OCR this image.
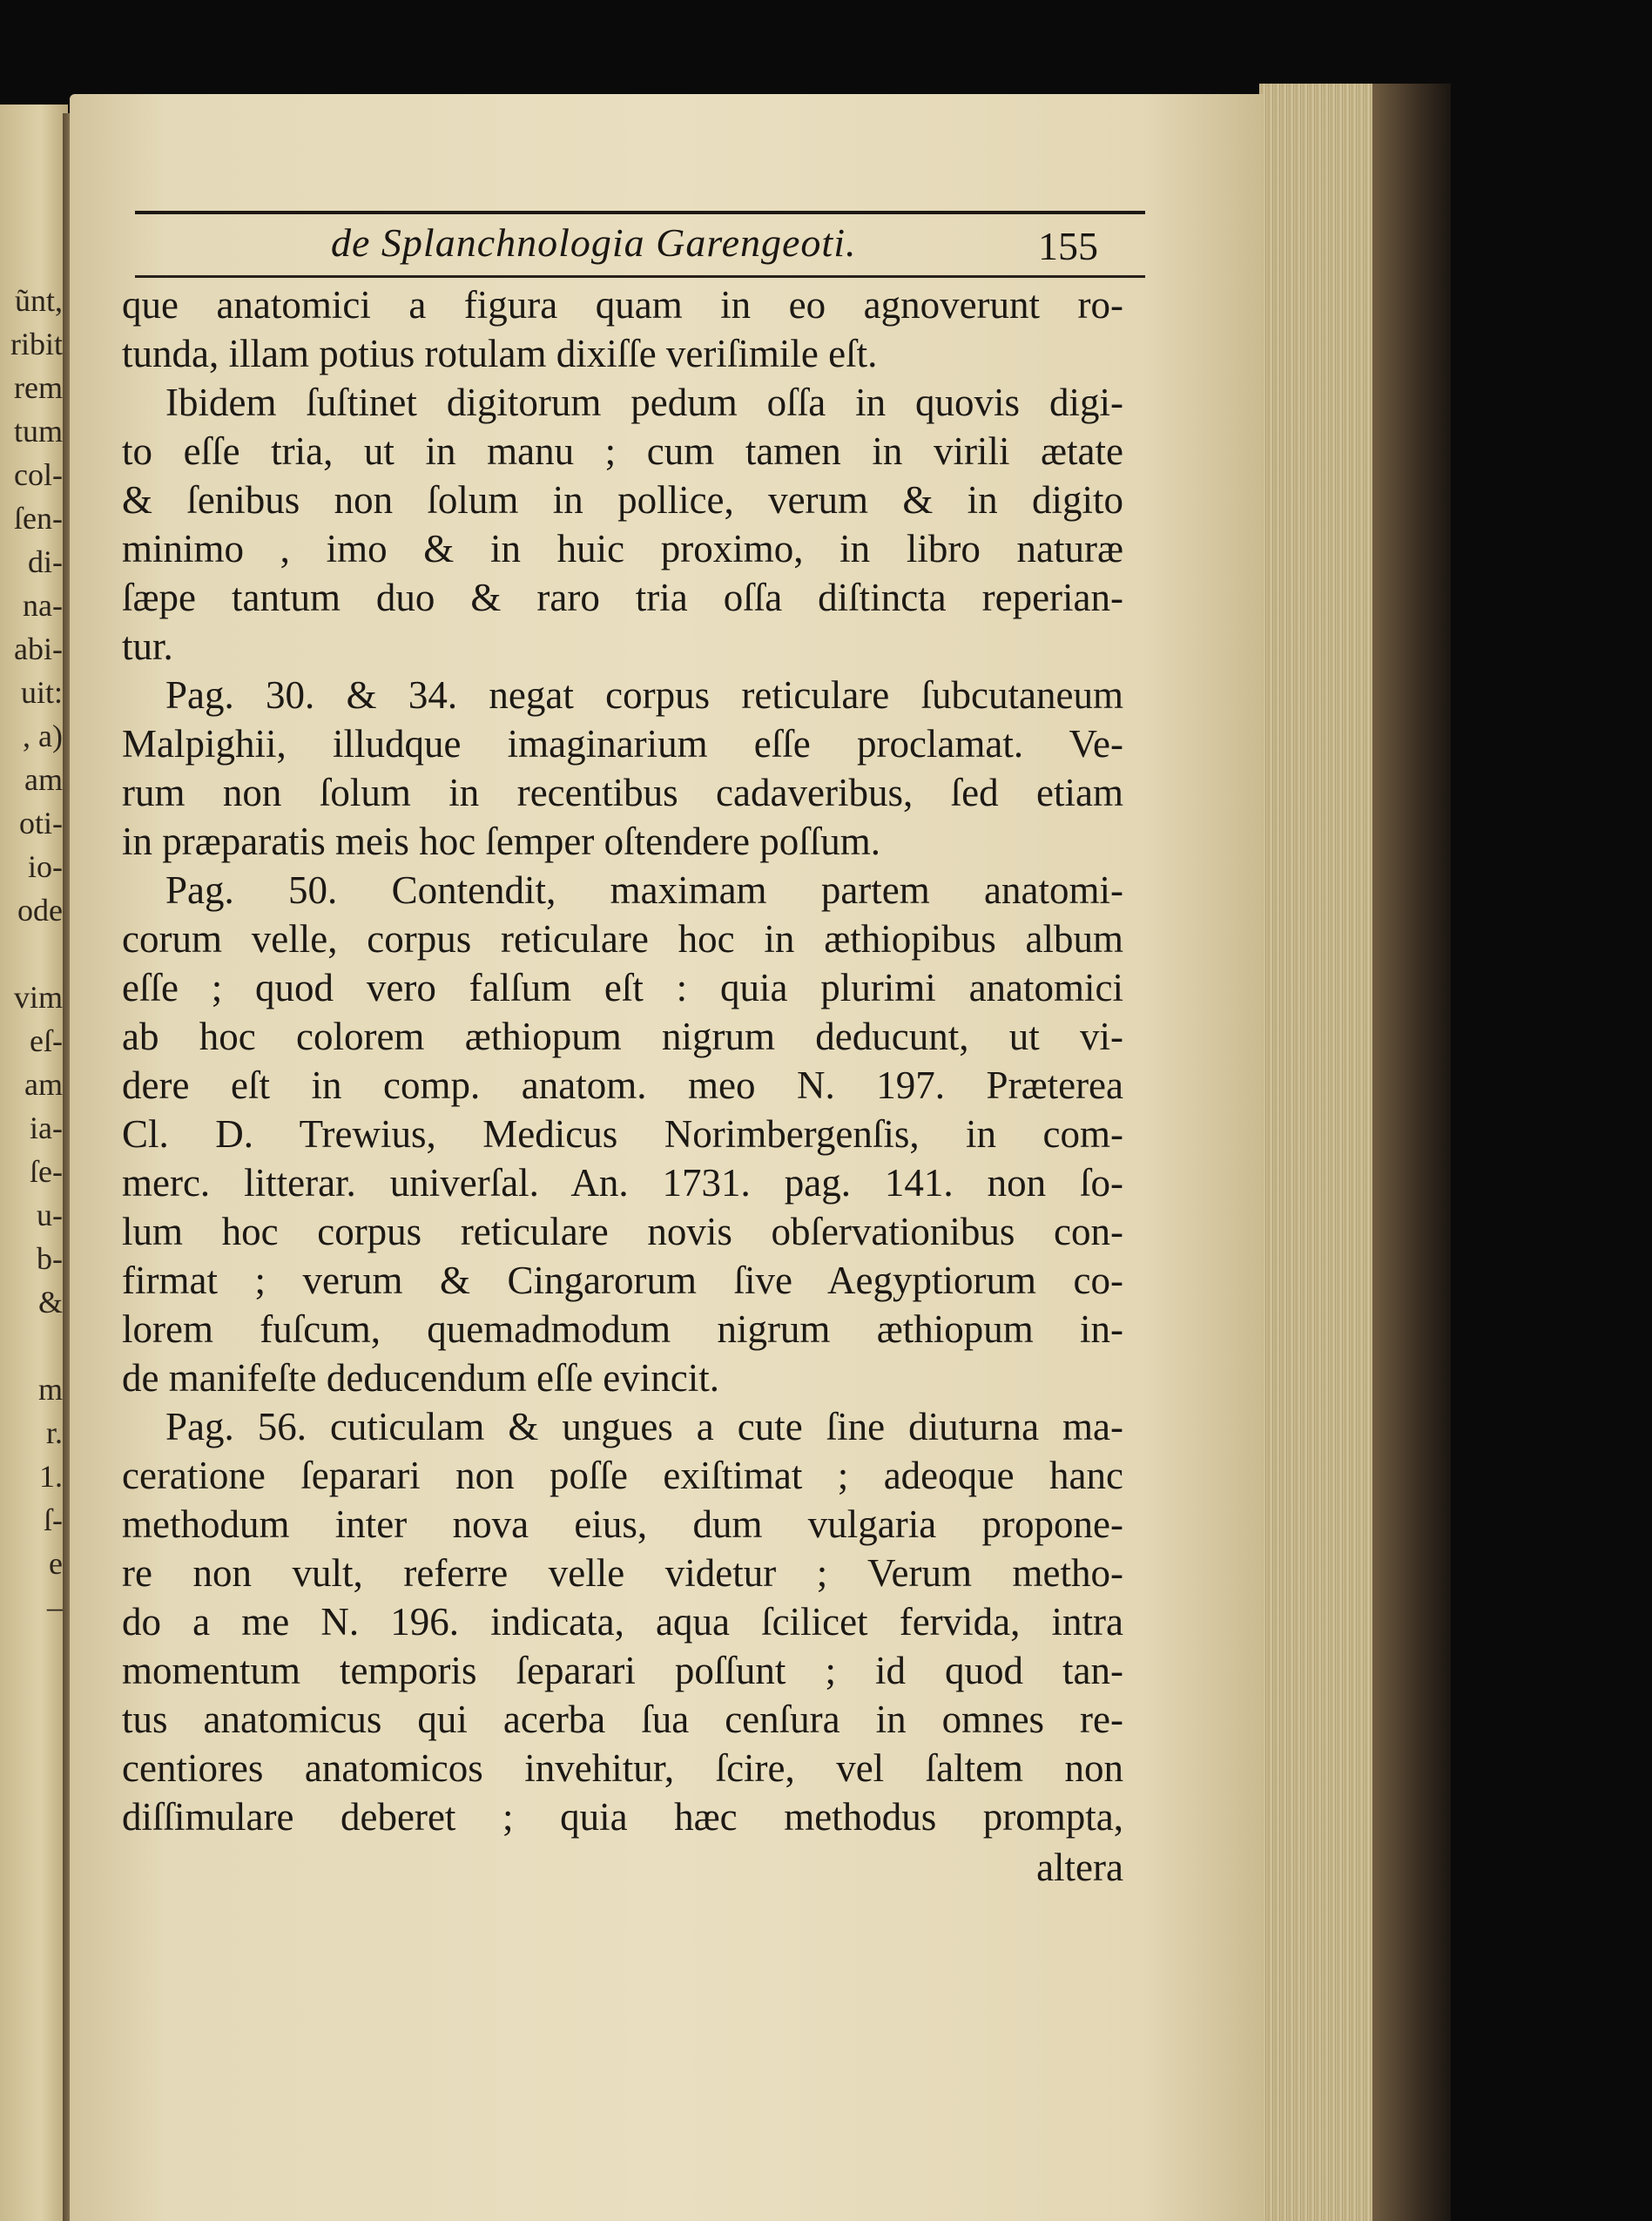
ũnt,
ribit
rem
tum
col-
ſen-
di-
na-
abi-
uit:
, a)
am
oti-
io-
ode
vim
eſ-
am
ia-
ſe-
u-
b-
&
m
r.
1.
ſ-
e
–
de Splanchnologia Garengeoti.	155
que anatomici a figura quam in eo agnoverunt ro-
tunda, illam potius rotulam dixiſſe veriſimile eſt.
Ibidem ſuſtinet digitorum pedum oſſa in quovis digi-
to eſſe tria, ut in manu ; cum tamen in virili ætate
& ſenibus non ſolum in pollice, verum & in digito
minimo , imo & in huic proximo, in libro naturæ
ſæpe tantum duo & raro tria oſſa diſtincta reperian-
tur.
Pag. 30. & 34. negat corpus reticulare ſubcutaneum
Malpighii, illudque imaginarium eſſe proclamat. Ve-
rum non ſolum in recentibus cadaveribus, ſed etiam
in præparatis meis hoc ſemper oſtendere poſſum.
Pag. 50. Contendit, maximam partem anatomi-
corum velle, corpus reticulare hoc in æthiopibus album
eſſe ; quod vero falſum eſt : quia plurimi anatomici
ab hoc colorem æthiopum nigrum deducunt, ut vi-
dere eſt in comp. anatom. meo N. 197. Præterea
Cl. D. Trewius, Medicus Norimbergenſis, in com-
merc. litterar. univerſal. An. 1731. pag. 141. non ſo-
lum hoc corpus reticulare novis obſervationibus con-
firmat ; verum & Cingarorum ſive Aegyptiorum co-
lorem fuſcum, quemadmodum nigrum æthiopum in-
de manifeſte deducendum eſſe evincit.
Pag. 56. cuticulam & ungues a cute ſine diuturna ma-
ceratione ſeparari non poſſe exiſtimat ; adeoque hanc
methodum inter nova eius, dum vulgaria propone-
re non vult, referre velle videtur ; Verum metho-
do a me N. 196. indicata, aqua ſcilicet fervida, intra
momentum temporis ſeparari poſſunt ; id quod tan-
tus anatomicus qui acerba ſua cenſura in omnes re-
centiores anatomicos invehitur, ſcire, vel ſaltem non
diſſimulare deberet ; quia hæc methodus prompta,
altera
